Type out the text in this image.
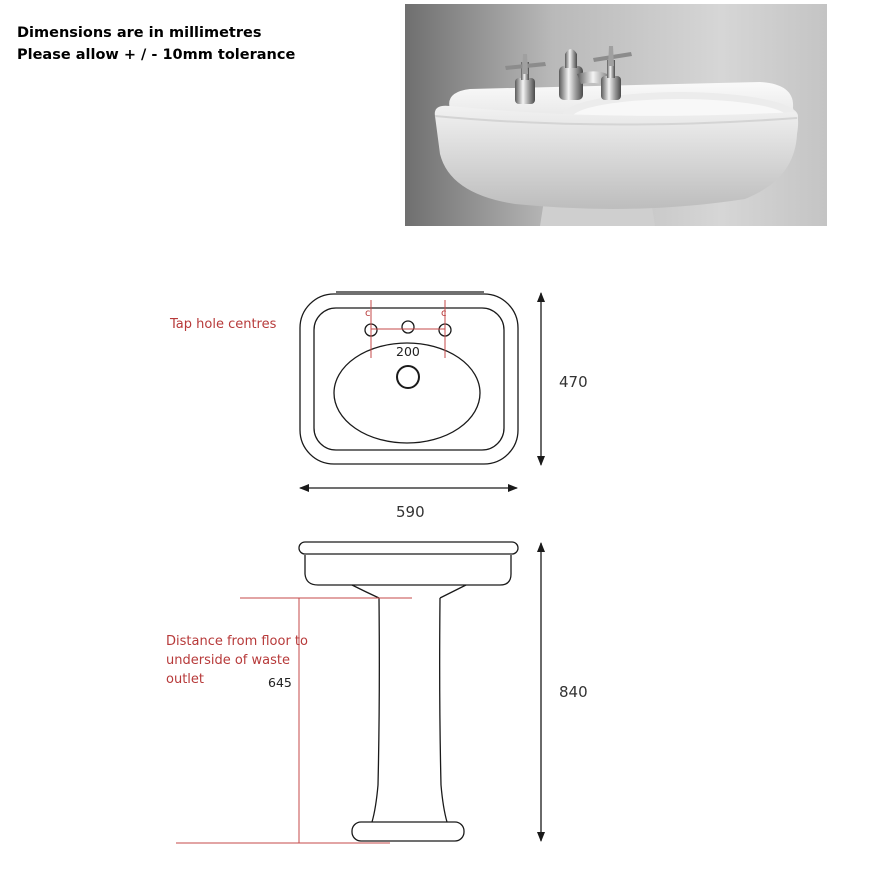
Dimensions are in millimetres
Please allow + / - 10mm tolerance
Tap hole centres
c	c
200
470
590
Distance from floor to
underside of waste
outlet	645
840
